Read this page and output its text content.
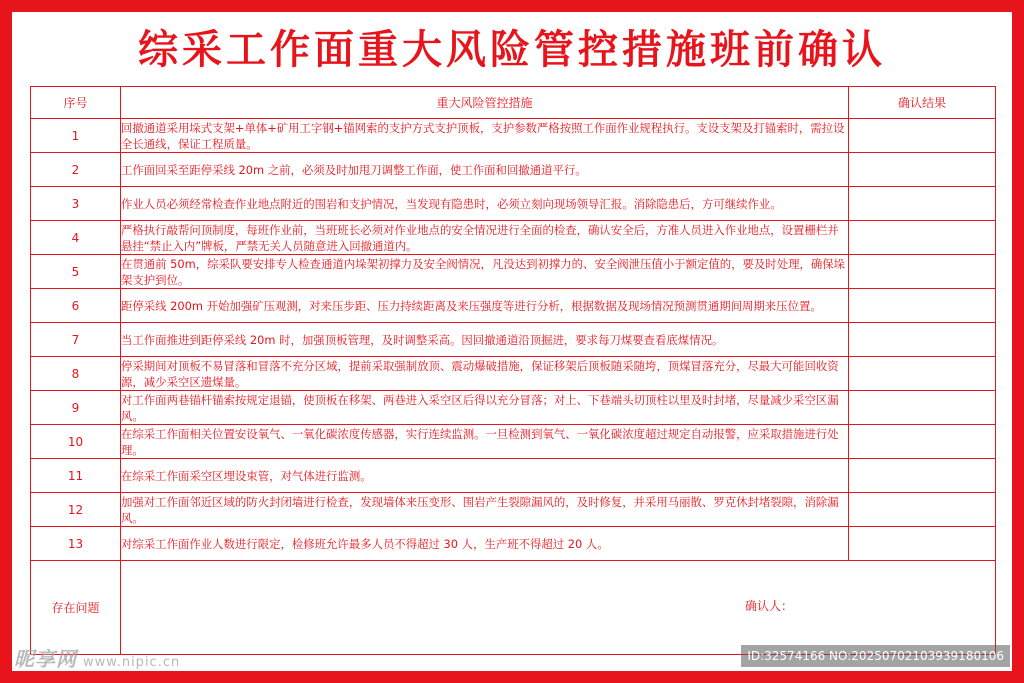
综采工作面重大风险管控措施班前确认
序号	重大风险管控措施	确认结果
1	回撤通道采用垛式支架+单体+矿用工字钢+锚网索的支护方式支护顶板，支护参数严格按照工作面作业规程执行。支设支架及打锚索时，需拉设全长通线，保证工程质量。	
2	工作面回采至距停采线 20m 之前，必须及时加甩刀调整工作面，使工作面和回撤通道平行。	
3	作业人员必须经常检查作业地点附近的围岩和支护情况，当发现有隐患时，必须立刻向现场领导汇报。消除隐患后，方可继续作业。	
4	严格执行敲帮问顶制度，每班作业前，当班班长必须对作业地点的安全情况进行全面的检查，确认安全后，方准人员进入作业地点，设置栅栏并悬挂“禁止入内”牌板，严禁无关人员随意进入回撤通道内。	
5	在贯通前 50m，综采队要安排专人检查通道内垛架初撑力及安全阀情况，凡没达到初撑力的、安全阀泄压值小于额定值的，要及时处理，确保垛架支护到位。	
6	距停采线 200m 开始加强矿压观测，对来压步距、压力持续距离及来压强度等进行分析，根据数据及现场情况预测贯通期间周期来压位置。	
7	当工作面推进到距停采线 20m 时，加强顶板管理，及时调整采高。因回撤通道沿顶掘进，要求每刀煤要查看底煤情况。	
8	停采期间对顶板不易冒落和冒落不充分区域，提前采取强制放顶、震动爆破措施，保证移架后顶板随采随垮，顶煤冒落充分，尽最大可能回收资源，减少采空区遗煤量。	
9	对工作面两巷锚杆锚索按规定退锚，使顶板在移架、两巷进入采空区后得以充分冒落；对上、下巷端头切顶柱以里及时封堵，尽量减少采空区漏风。	
10	在综采工作面相关位置安设氧气、一氧化碳浓度传感器，实行连续监测。一旦检测到氧气、一氧化碳浓度超过规定自动报警，应采取措施进行处理。	
11	在综采工作面采空区埋设束管，对气体进行监测。	
12	加强对工作面邻近区域的防火封闭墙进行检查，发现墙体来压变形、围岩产生裂隙漏风的，及时修复，并采用马丽散、罗克休封堵裂隙，消除漏风。	
13	对综采工作面作业人数进行限定，检修班允许最多人员不得超过 30 人，生产班不得超过 20 人。	
存在问题	确认人：	
昵享网 www.nipic.cn	ID:32574166 NO:20250702103939180106
